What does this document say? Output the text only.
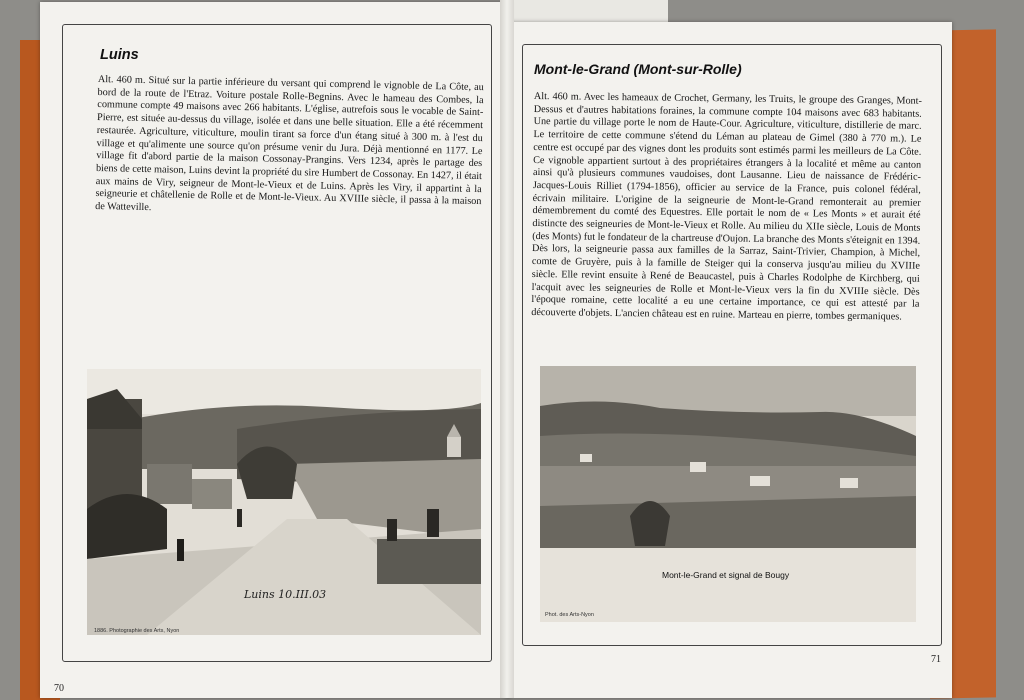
Luins

Alt. 460 m. Situé sur la partie inférieure du versant qui comprend le vignoble de La Côte, au bord de la route de l'Etraz. Voiture postale Rolle-Begnins. Avec le hameau des Combes, la commune compte 49 maisons avec 266 habitants. L'église, autrefois sous le vocable de Saint-Pierre, est située au-dessus du village, isolée et dans une belle situation. Elle a été récemment restaurée. Agriculture, viticulture, moulin tirant sa force d'un étang situé à 300 m. à l'est du village et qu'alimente une source qu'on présume venir du Jura. Déjà mentionné en 1177. Le village fit d'abord partie de la maison Cossonay-Prangins. Vers 1234, après le partage des biens de cette maison, Luins devint la propriété du sire Humbert de Cossonay. En 1427, il était aux mains de Viry, seigneur de Mont-le-Vieux et de Luins. Après les Viry, il appartint à la seigneurie et châtellenie de Rolle et de Mont-le-Vieux. Au XVIIIe siècle, il passa à la maison de Watteville.

Luins 10.III.03
1886. Photographie des Arts, Nyon
70
Mont-le-Grand (Mont-sur-Rolle)

Alt. 460 m. Avec les hameaux de Crochet, Germany, les Truits, le groupe des Granges, Mont-Dessus et d'autres habitations foraines, la commune compte 104 maisons avec 683 habitants. Une partie du village porte le nom de Haute-Cour. Agriculture, viticulture, distillerie de marc. Le territoire de cette commune s'étend du Léman au plateau de Gimel (380 à 770 m.). Le centre est occupé par des vignes dont les produits sont estimés parmi les meilleurs de La Côte. Ce vignoble appartient surtout à des propriétaires étrangers à la localité et même au canton ainsi qu'à plusieurs communes vaudoises, dont Lausanne. Lieu de naissance de Frédéric-Jacques-Louis Rilliet (1794-1856), officier au service de la France, puis colonel fédéral, écrivain militaire. L'origine de la seigneurie de Mont-le-Grand remonterait au premier démembrement du comté des Equestres. Elle portait le nom de « Les Monts » et aurait été distincte des seigneuries de Mont-le-Vieux et Rolle. Au milieu du XIIe siècle, Louis de Monts (des Monts) fut le fondateur de la chartreuse d'Oujon. La branche des Monts s'éteignit en 1394. Dès lors, la seigneurie passa aux familles de la Sarraz, Saint-Trivier, Champion, à Michel, comte de Gruyère, puis à la famille de Steiger qui la conserva jusqu'au milieu du XVIIIe siècle. Elle revint ensuite à René de Beaucastel, puis à Charles Rodolphe de Kirchberg, qui l'acquit avec les seigneuries de Rolle et Mont-le-Vieux vers la fin du XVIIIe siècle. Dès l'époque romaine, cette localité a eu une certaine importance, ce qui est attesté par la découverte d'objets. L'ancien château est en ruine. Marteau en pierre, tombes germaniques.

Mont-le-Grand et signal de Bougy
Phot. des Arts-Nyon
71
